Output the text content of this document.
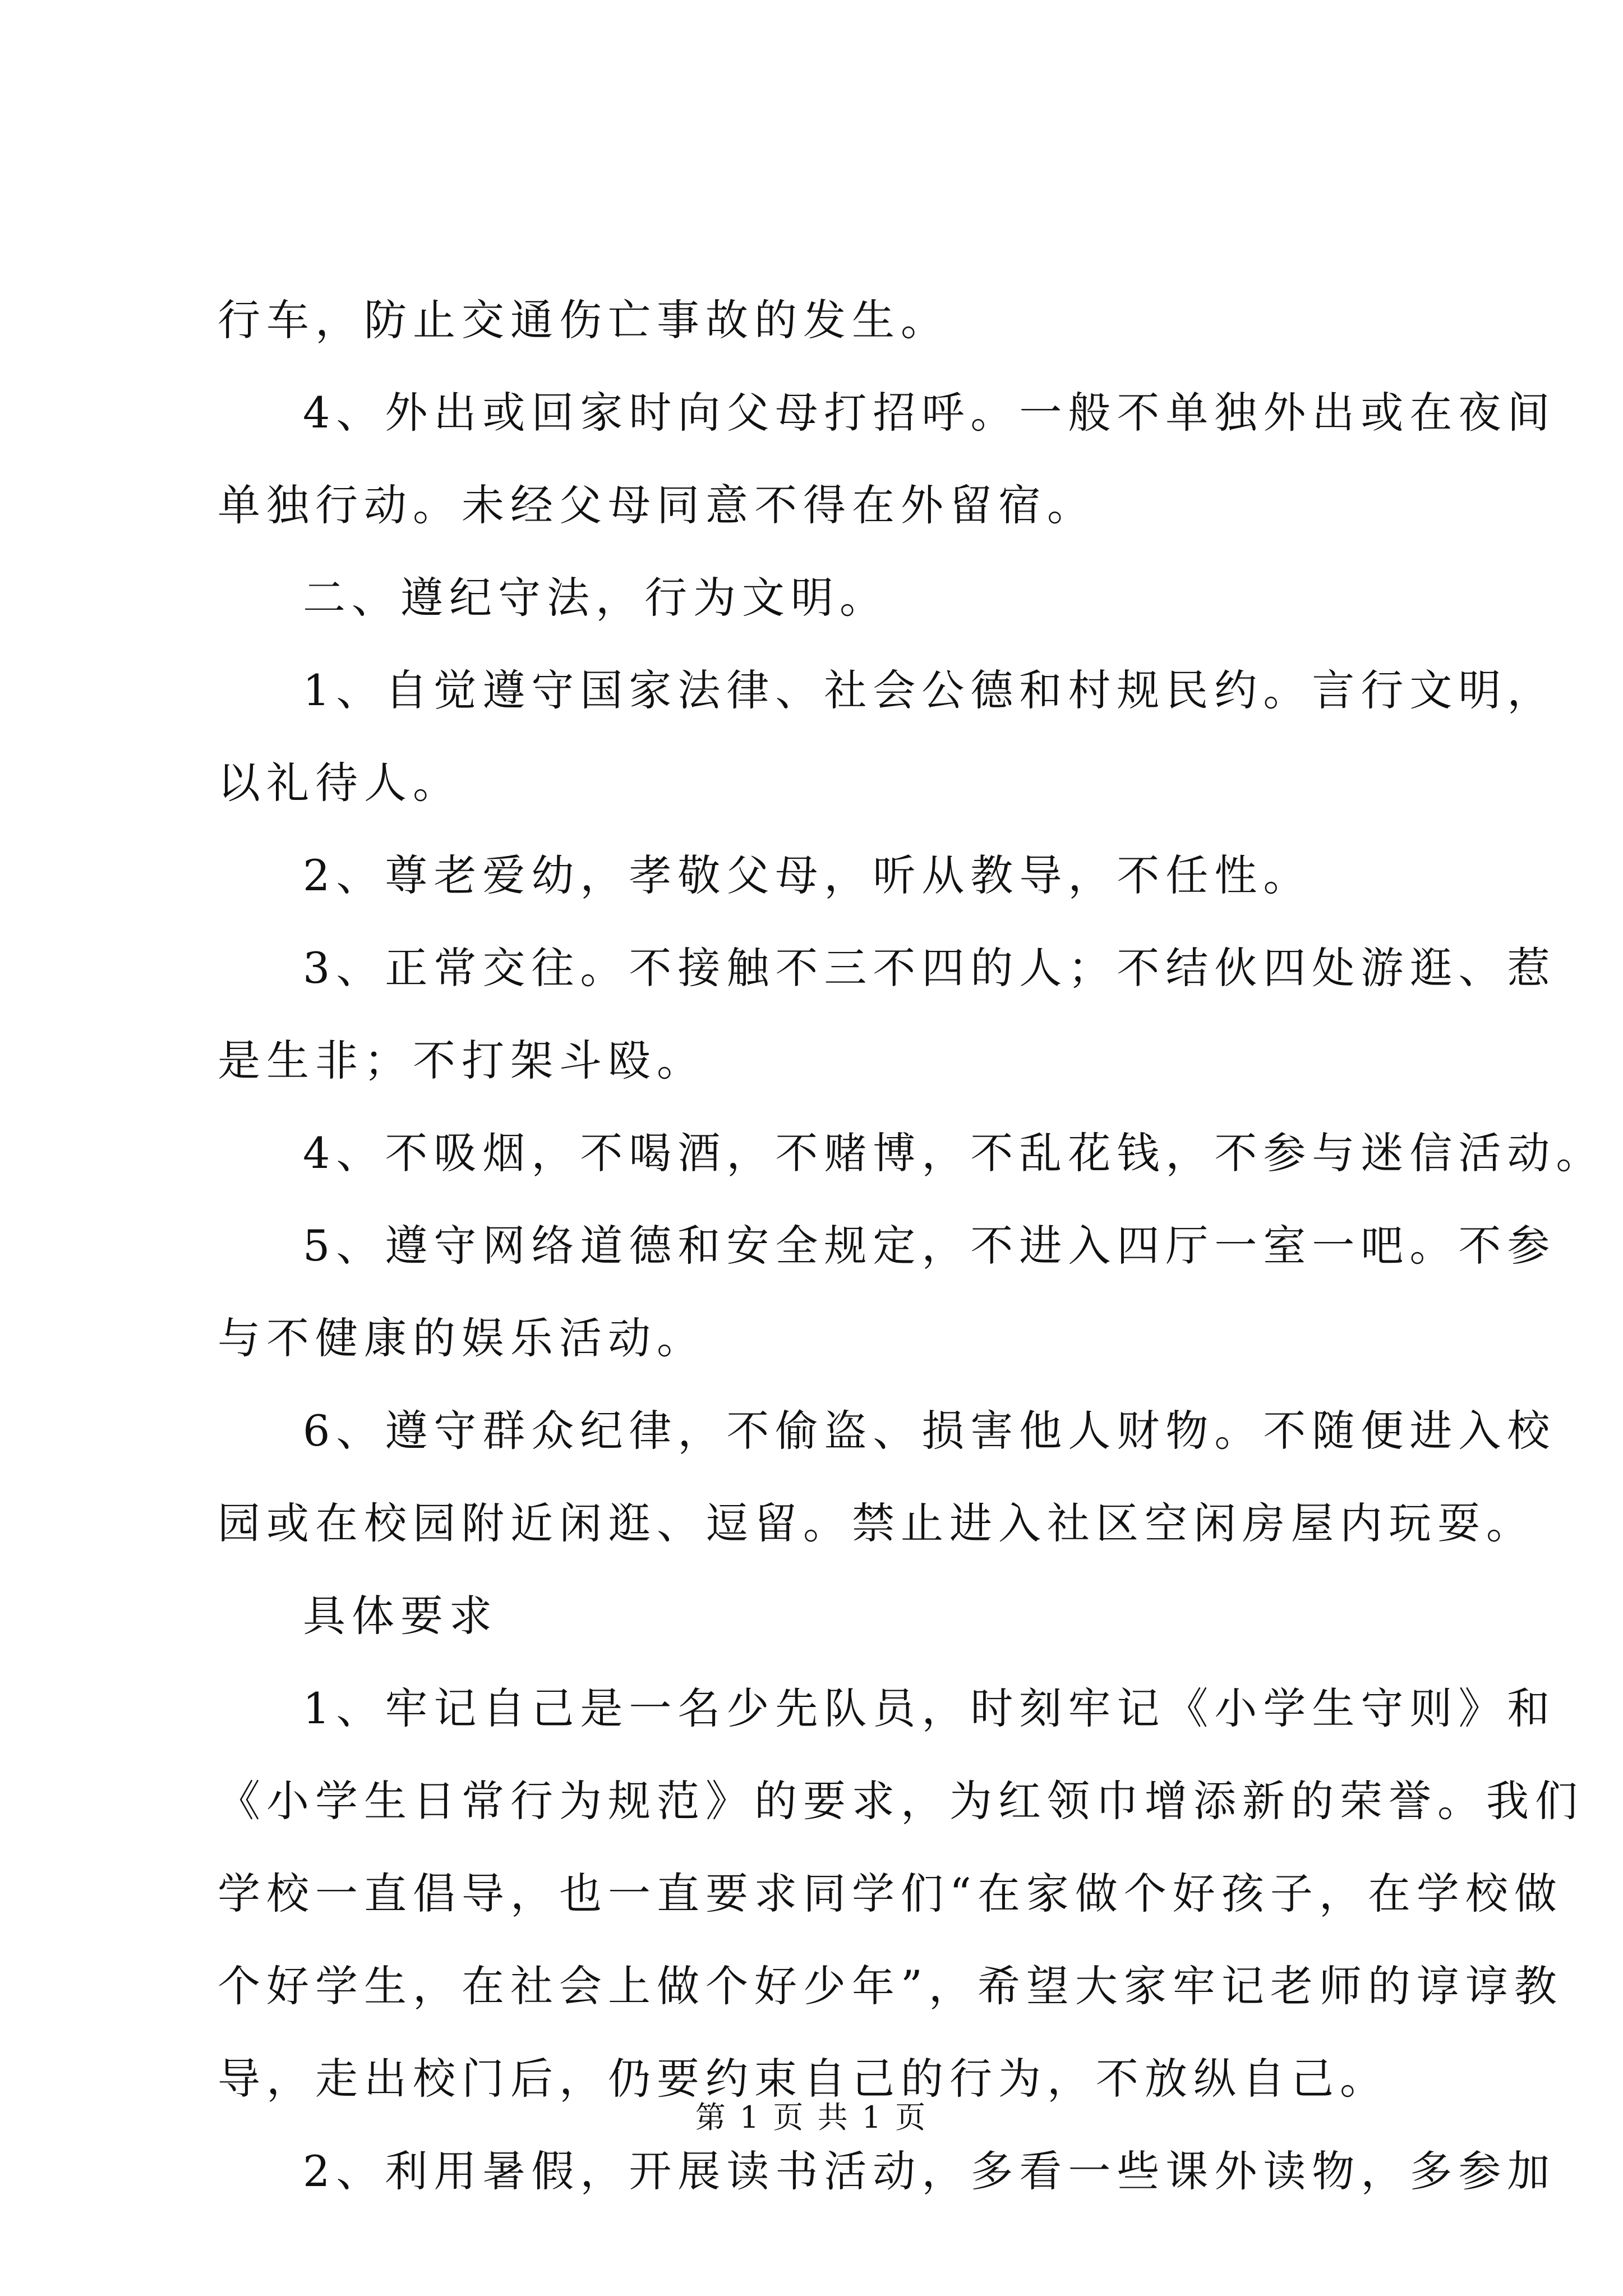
行车，防止交通伤亡事故的发生。
4、外出或回家时向父母打招呼。一般不单独外出或在夜间
单独行动。未经父母同意不得在外留宿。
二、遵纪守法，行为文明。
1、自觉遵守国家法律、社会公德和村规民约。言行文明，
以礼待人。
2、尊老爱幼，孝敬父母，听从教导，不任性。
3、正常交往。不接触不三不四的人；不结伙四处游逛、惹
是生非；不打架斗殴。
4、不吸烟，不喝酒，不赌博，不乱花钱，不参与迷信活动。
5、遵守网络道德和安全规定，不进入四厅一室一吧。不参
与不健康的娱乐活动。
6、遵守群众纪律，不偷盗、损害他人财物。不随便进入校
园或在校园附近闲逛、逗留。禁止进入社区空闲房屋内玩耍。
具体要求
1、牢记自己是一名少先队员，时刻牢记《小学生守则》和
《小学生日常行为规范》的要求，为红领巾增添新的荣誉。我们
学校一直倡导，也一直要求同学们“在家做个好孩子，在学校做
个好学生，在社会上做个好少年”，希望大家牢记老师的谆谆教
导，走出校门后，仍要约束自己的行为，不放纵自己。
2、利用暑假，开展读书活动，多看一些课外读物，多参加
第 1 页 共 1 页
